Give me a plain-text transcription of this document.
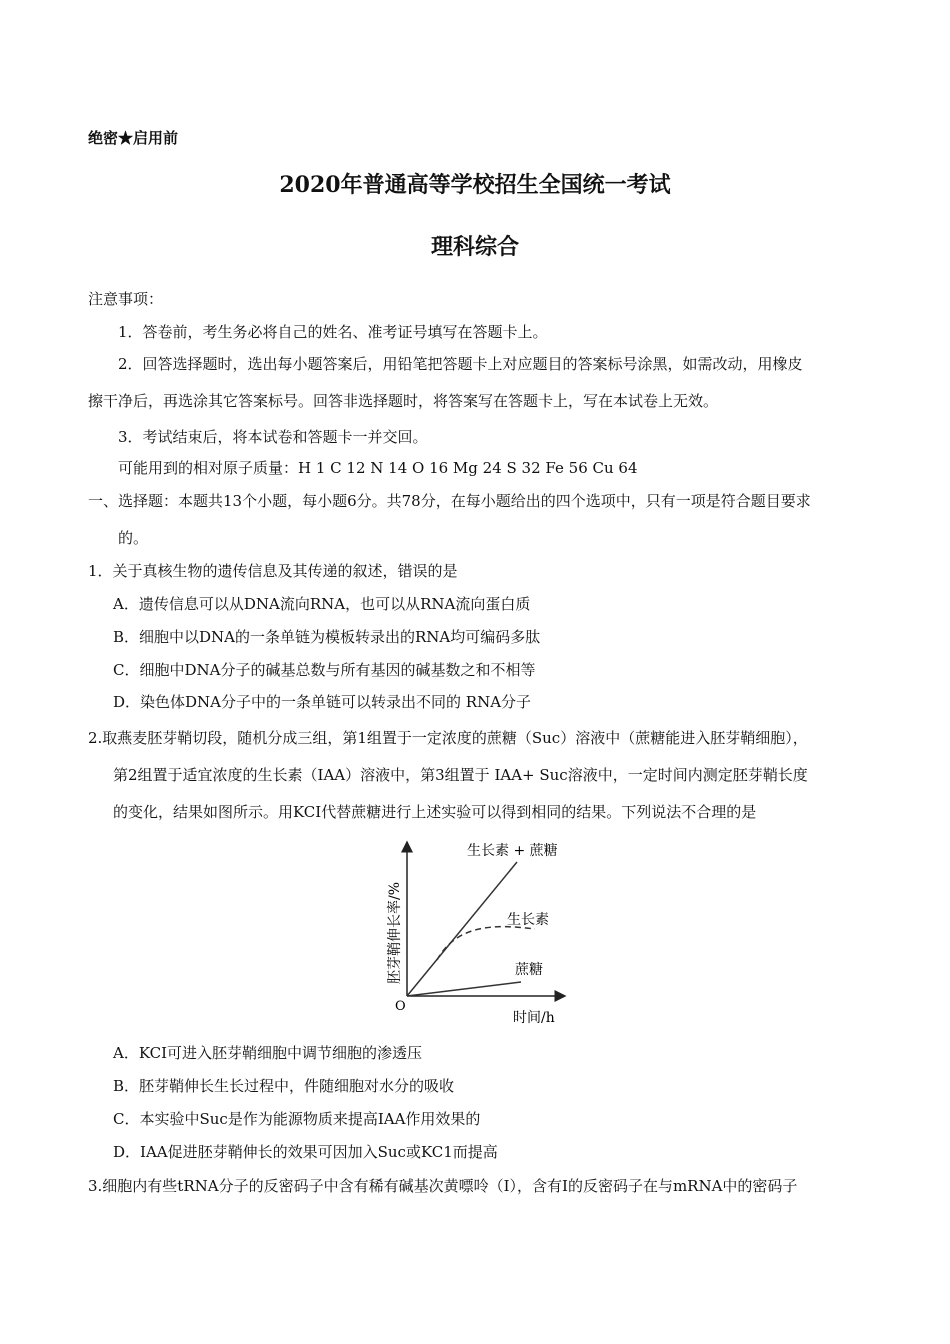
绝密★启用前
2020年普通高等学校招生全国统一考试
理科综合
注意事项：
1．答卷前，考生务必将自己的姓名、准考证号填写在答题卡上。
2．回答选择题时，选出每小题答案后，用铅笔把答题卡上对应题目的答案标号涂黑，如需改动，用橡皮
擦干净后，再选涂其它答案标号。回答非选择题时，将答案写在答题卡上，写在本试卷上无效。
3．考试结束后，将本试卷和答题卡一并交回。
可能用到的相对原子质量：H 1 C 12 N 14 O 16 Mg 24 S 32 Fe 56 Cu 64
一、选择题：本题共13个小题，每小题6分。共78分，在每小题给出的四个选项中，只有一项是符合题目要求
的。
1．关于真核生物的遗传信息及其传递的叙述，错误的是
A．遗传信息可以从DNA流向RNA，也可以从RNA流向蛋白质
B．细胞中以DNA的一条单链为模板转录出的RNA均可编码多肽
C．细胞中DNA分子的碱基总数与所有基因的碱基数之和不相等
D．染色体DNA分子中的一条单链可以转录出不同的 RNA分子
2.取燕麦胚芽鞘切段，随机分成三组，第1组置于一定浓度的蔗糖（Suc）溶液中（蔗糖能进入胚芽鞘细胞），
第2组置于适宜浓度的生长素（IAA）溶液中，第3组置于 IAA+ Suc溶液中，一定时间内测定胚芽鞘长度
的变化，结果如图所示。用KCI代替蔗糖进行上述实验可以得到相同的结果。下列说法不合理的是
O
生长素 + 蔗糖
生长素
蔗糖
时间/h
胚芽鞘伸长率/%
A．KCI可进入胚芽鞘细胞中调节细胞的渗透压
B．胚芽鞘伸长生长过程中，件随细胞对水分的吸收
C．本实验中Suc是作为能源物质来提高IAA作用效果的
D．IAA促进胚芽鞘伸长的效果可因加入Suc或KC1而提高
3.细胞内有些tRNA分子的反密码子中含有稀有碱基次黄嘌呤（I），含有I的反密码子在与mRNA中的密码子
